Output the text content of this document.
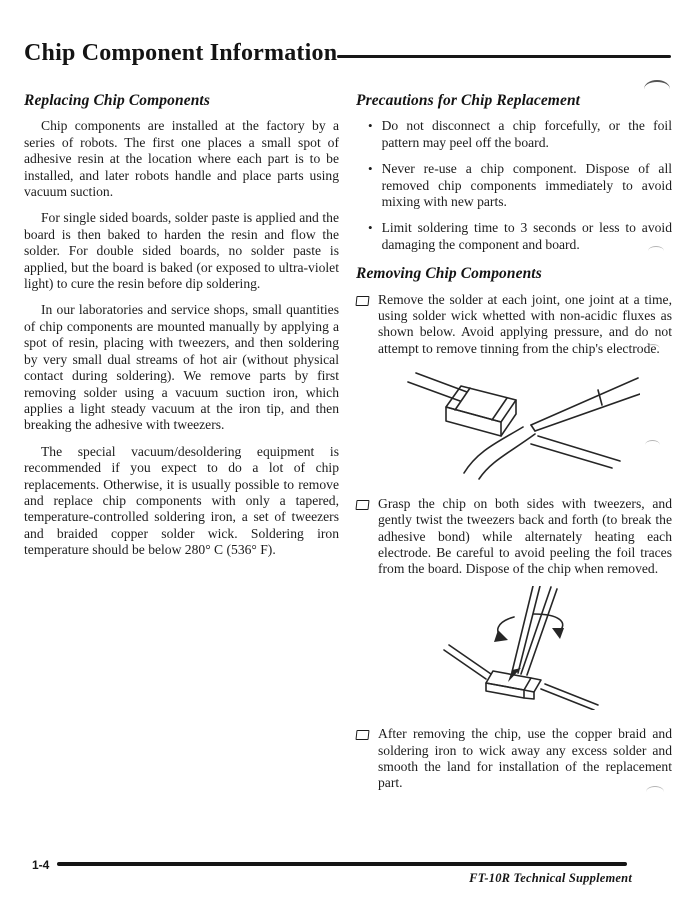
Chip Component Information
Replacing Chip Components

Chip components are installed at the factory by a series of robots. The first one places a small spot of adhesive resin at the location where each part is to be installed, and later robots handle and place parts using vacuum suction.

For single sided boards, solder paste is applied and the board is then baked to harden the resin and flow the solder. For double sided boards, no solder paste is applied, but the board is baked (or exposed to ultra-violet light) to cure the resin before dip soldering.

In our laboratories and service shops, small quantities of chip components are mounted manually by applying a spot of resin, placing with tweezers, and then soldering by very small dual streams of hot air (without physical contact during soldering). We remove parts by first removing solder using a vacuum suction iron, which applies a light steady vacuum at the iron tip, and then breaking the adhesive with tweezers.

The special vacuum/desoldering equipment is recommended if you expect to do a lot of chip replacements. Otherwise, it is usually possible to remove and replace chip components with only a tapered, temperature-controlled soldering iron, a set of tweezers and braided copper solder wick. Soldering iron temperature should be below 280° C (536° F).

Precautions for Chip Replacement
• Do not disconnect a chip forcefully, or the foil pattern may peel off the board.
• Never re-use a chip component. Dispose of all removed chip components immediately to avoid mixing with new parts.
• Limit soldering time to 3 seconds or less to avoid damaging the component and board.
Removing Chip Components

Remove the solder at each joint, one joint at a time, using solder wick whetted with non-acidic fluxes as shown below. Avoid applying pressure, and do not attempt to remove tinning from the chip's electrode.

Grasp the chip on both sides with tweezers, and gently twist the tweezers back and forth (to break the adhesive bond) while alternately heating each electrode. Be careful to avoid peeling the foil traces from the board. Dispose of the chip when removed.

After removing the chip, use the copper braid and soldering iron to wick away any excess solder and smooth the land for installation of the replacement part.

1-4
FT-10R Technical Supplement
